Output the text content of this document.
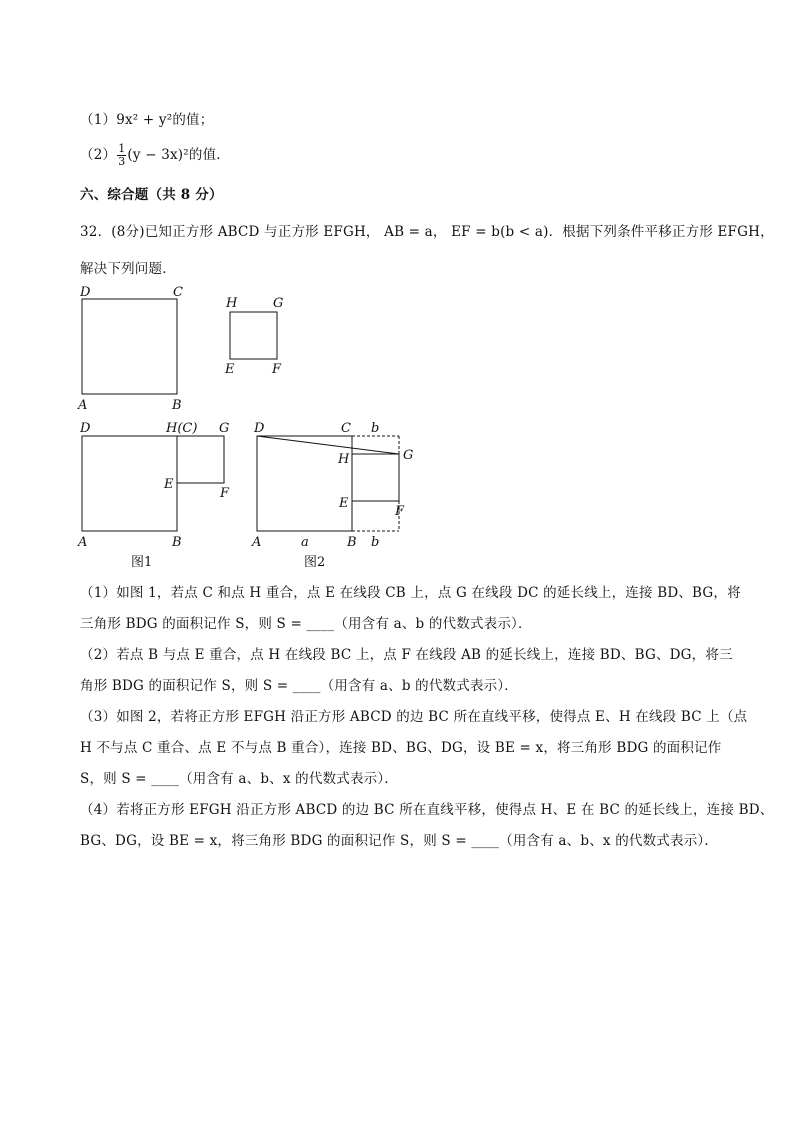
（1）9x² + y²的值；
$(2) \frac{1}{3} (y - 3x)^2$的值．
六、综合题（共 8 分）
32．(8分)已知正方形 ABCD 与正方形 EFGH， AB = a， EF = b(b < a)．根据下列条件平移正方形 EFGH，
解决下列问题．
D	C
A	B
H	G
E	F
D	H(C) G
E
F
A	B
图1
D	C b
H	G
E
F
A	a	B b
图2
（1）如图 1，若点 C 和点 H 重合，点 E 在线段 CB 上，点 G 在线段 DC 的延长线上，连接 BD、BG，将
三角形 BDG 的面积记作 S，则 S = ____（用含有 a、b 的代数式表示）．
（2）若点 B 与点 E 重合，点 H 在线段 BC 上，点 F 在线段 AB 的延长线上，连接 BD、BG、DG，将三
角形 BDG 的面积记作 S，则 S = ____（用含有 a、b 的代数式表示）．
（3）如图 2，若将正方形 EFGH 沿正方形 ABCD 的边 BC 所在直线平移，使得点 E、H 在线段 BC 上（点
H 不与点 C 重合、点 E 不与点 B 重合），连接 BD、BG、DG，设 BE = x，将三角形 BDG 的面积记作
S，则 S = ____（用含有 a、b、x 的代数式表示）．
（4）若将正方形 EFGH 沿正方形 ABCD 的边 BC 所在直线平移，使得点 H、E 在 BC 的延长线上，连接 BD、
BG、DG，设 BE = x，将三角形 BDG 的面积记作 S，则 S = ____（用含有 a、b、x 的代数式表示）．
